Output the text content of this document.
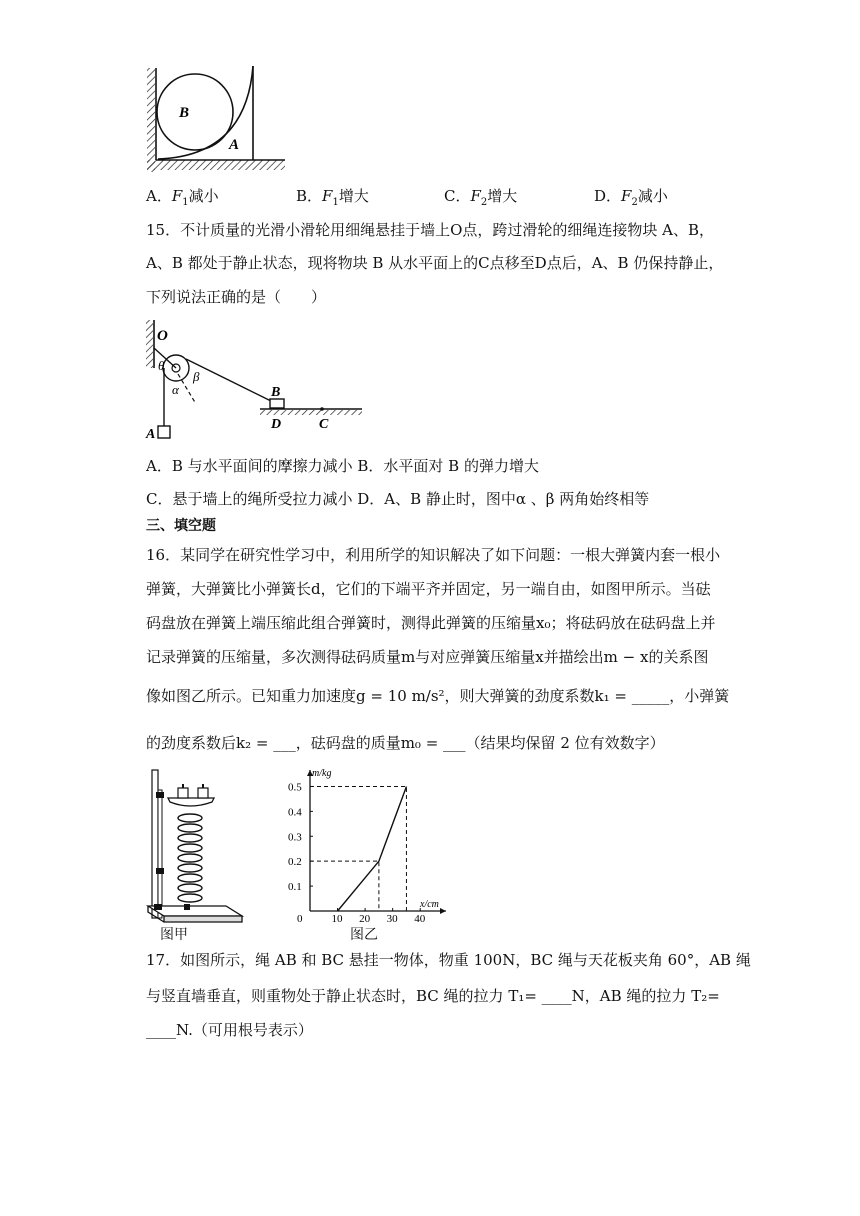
B
A
A．$F_1$减小	B．$F_1$增大	C．$F_2$增大	D．$F_2$减小
15．不计质量的光滑小滑轮用细绳悬挂于墙上O点，跨过滑轮的细绳连接物块 A、B，
A、B 都处于静止状态，现将物块 B 从水平面上的C点移至D点后，A、B 仍保持静止，
下列说法正确的是（　　）
O
θ
α
β
B
A
D	C
A．B 与水平面间的摩擦力减小 B．水平面对 B 的弹力增大
C．悬于墙上的绳所受拉力减小 D．A、B 静止时，图中α 、β 两角始终相等
三、填空题
16．某同学在研究性学习中，利用所学的知识解决了如下问题：一根大弹簧内套一根小
弹簧，大弹簧比小弹簧长d，它们的下端平齐并固定，另一端自由，如图甲所示。当砝
码盘放在弹簧上端压缩此组合弹簧时，测得此弹簧的压缩量x₀；将砝码放在砝码盘上并
记录弹簧的压缩量，多次测得砝码质量m与对应弹簧压缩量x并描绘出m − x的关系图
像如图乙所示。已知重力加速度g = 10 m/s²，则大弹簧的劲度系数k₁ = _____，小弹簧
的劲度系数后k₂ = ___，砝码盘的质量m₀ = ___（结果均保留 2 位有效数字）
图甲
0	10 20 30 40
0.1
0.2
0.3
0.4
0.5
m/kg
x/cm
图乙
17．如图所示，绳 AB 和 BC 悬挂一物体，物重 100N，BC 绳与天花板夹角 60°，AB 绳
与竖直墙垂直，则重物处于静止状态时，BC 绳的拉力 T₁= ____N，AB 绳的拉力 T₂=
____N.（可用根号表示）
